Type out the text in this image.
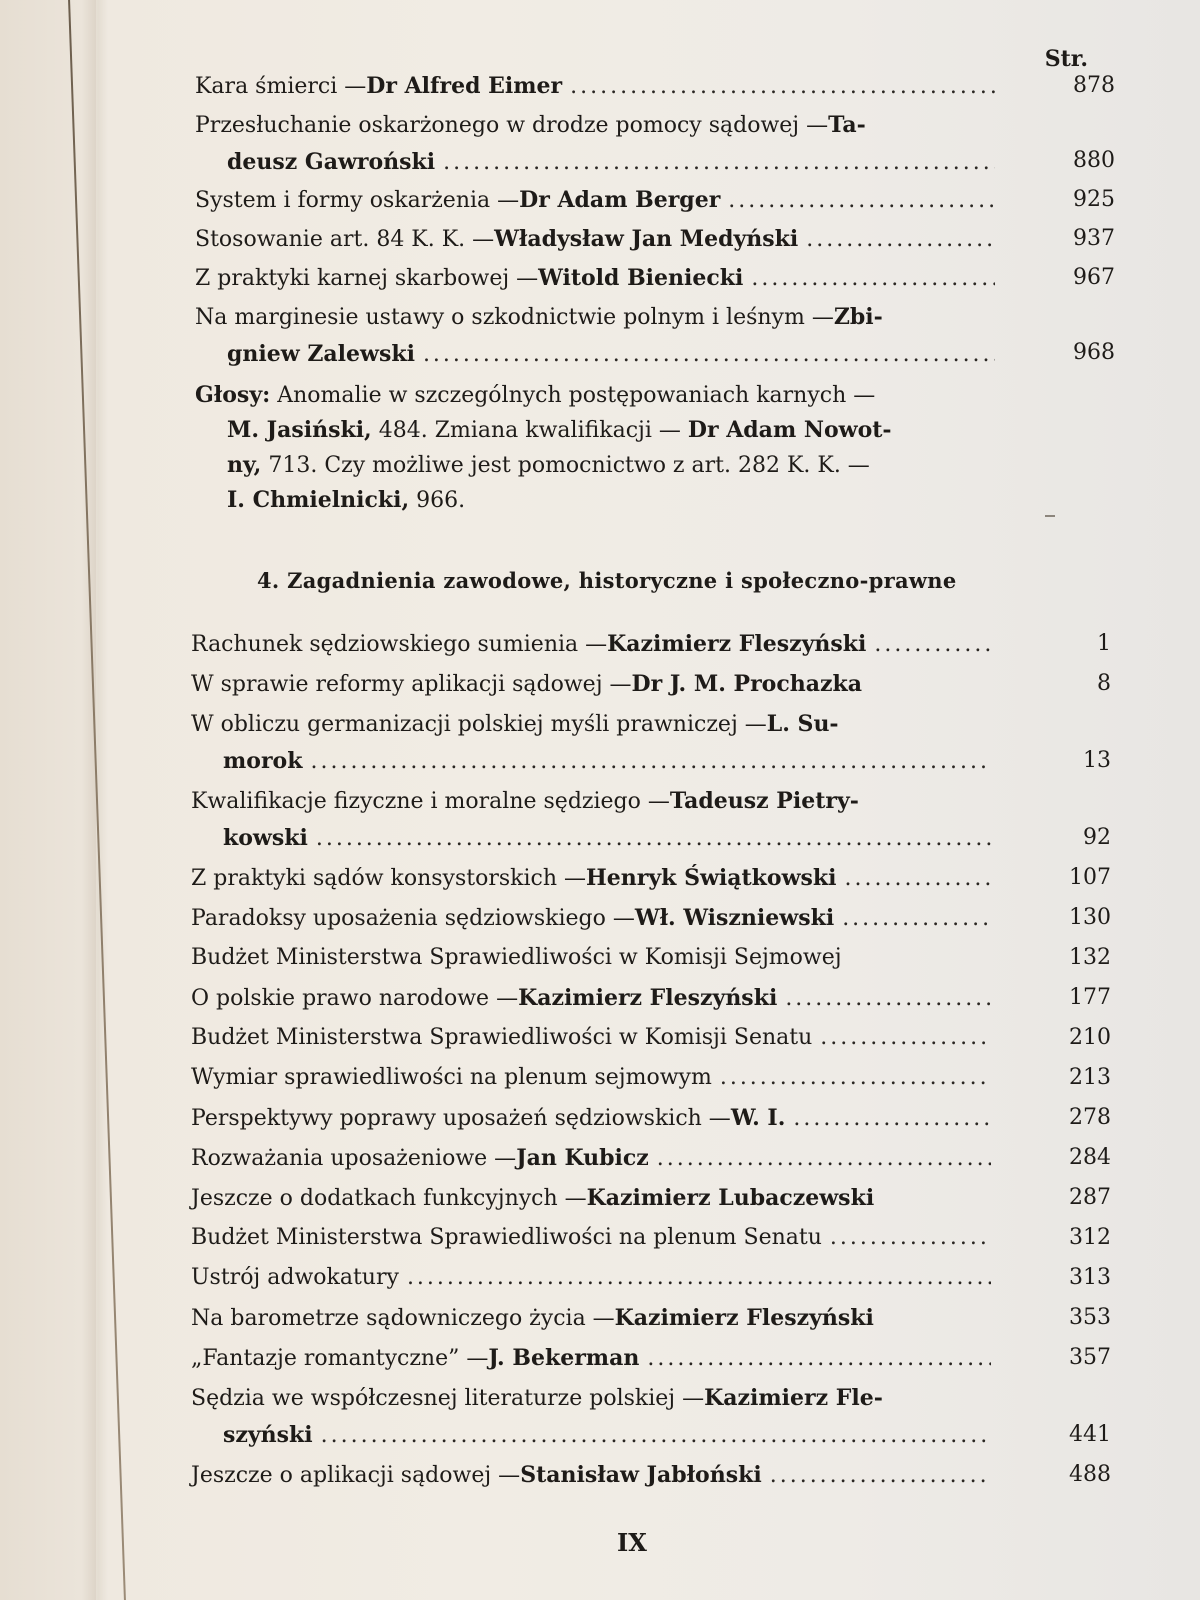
Str.
Kara śmierci — Dr Alfred Eimer .....	878
Przesłuchanie oskarżonego w drodze pomocy sądowej — Ta-
deusz Gawroński .....	880
System i formy oskarżenia — Dr Adam Berger .....	925
Stosowanie art. 84 K. K. — Władysław Jan Medyński .....	937
Z praktyki karnej skarbowej — Witold Bieniecki .....	967
Na marginesie ustawy o szkodnictwie polnym i leśnym — Zbi-
gniew Zalewski .....	968
Głosy: Anomalie w szczególnych postępowaniach karnych —
M. Jasiński, 484. Zmiana kwalifikacji — Dr Adam Nowot-
ny, 713. Czy możliwe jest pomocnictwo z art. 282 K. K. —
I. Chmielnicki, 966.
4. Zagadnienia zawodowe, historyczne i społeczno-prawne
Rachunek sędziowskiego sumienia — Kazimierz Fleszyński .....	1
W sprawie reformy aplikacji sądowej — Dr J. M. Prochazka	8
W obliczu germanizacji polskiej myśli prawniczej — L. Su-
morok .....	13
Kwalifikacje fizyczne i moralne sędziego — Tadeusz Pietry-
kowski .....	92
Z praktyki sądów konsystorskich — Henryk Świątkowski .....	107
Paradoksy uposażenia sędziowskiego — Wł. Wiszniewski .....	130
Budżet Ministerstwa Sprawiedliwości w Komisji Sejmowej	132
O polskie prawo narodowe — Kazimierz Fleszyński .....	177
Budżet Ministerstwa Sprawiedliwości w Komisji Senatu .....	210
Wymiar sprawiedliwości na plenum sejmowym .....	213
Perspektywy poprawy uposażeń sędziowskich — W. I. .....	278
Rozważania uposażeniowe — Jan Kubicz .....	284
Jeszcze o dodatkach funkcyjnych — Kazimierz Lubaczewski	287
Budżet Ministerstwa Sprawiedliwości na plenum Senatu .....	312
Ustrój adwokatury .....	313
Na barometrze sądowniczego życia — Kazimierz Fleszyński	353
„Fantazje romantyczne” — J. Bekerman .....	357
Sędzia we współczesnej literaturze polskiej — Kazimierz Fle-
szyński .....	441
Jeszcze o aplikacji sądowej — Stanisław Jabłoński .....	488
IX
